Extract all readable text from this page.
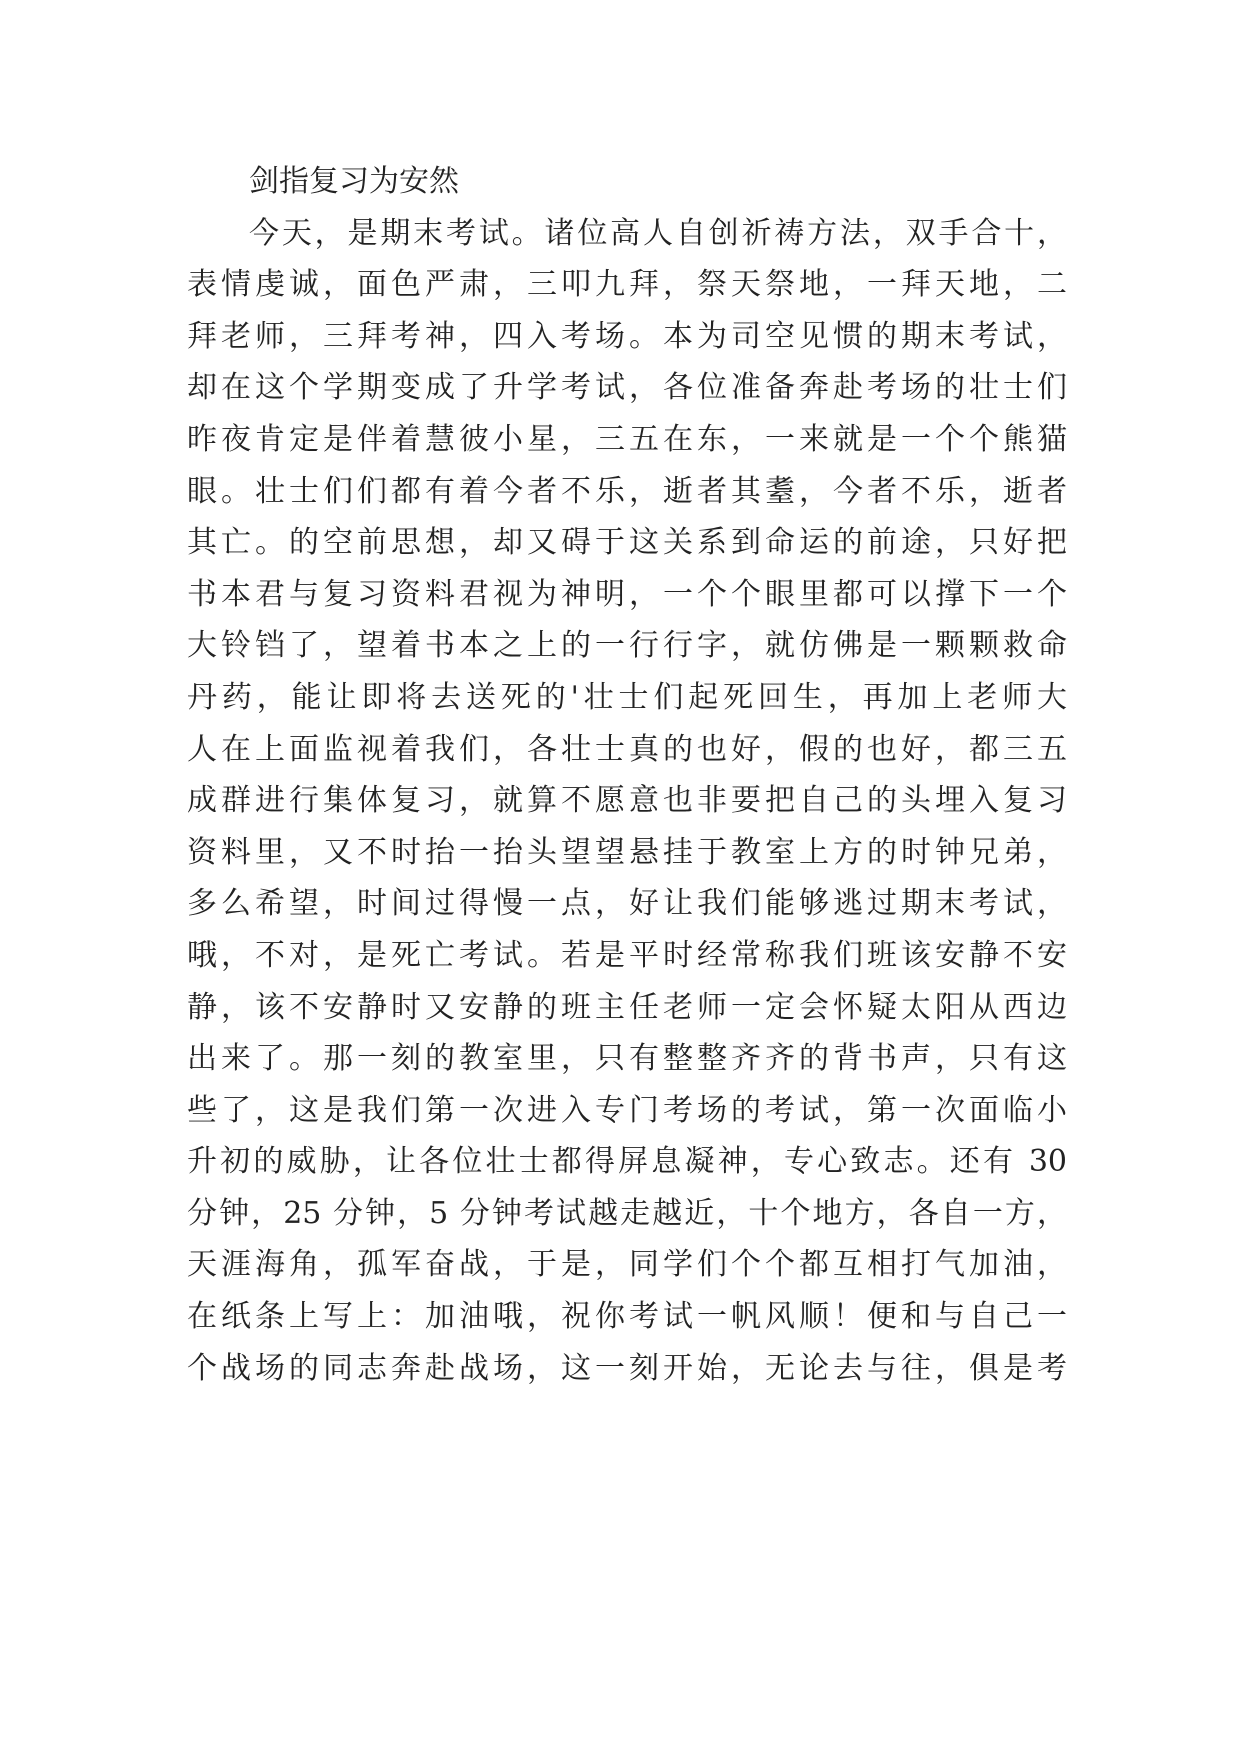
剑指复习为安然
今天，是期末考试。诸位高人自创祈祷方法，双手合十，
表情虔诚，面色严肃，三叩九拜，祭天祭地，一拜天地，二
拜老师，三拜考神，四入考场。本为司空见惯的期末考试，
却在这个学期变成了升学考试，各位准备奔赴考场的壮士们
昨夜肯定是伴着慧彼小星，三五在东，一来就是一个个熊猫
眼。壮士们们都有着今者不乐，逝者其耋，今者不乐，逝者
其亡。的空前思想，却又碍于这关系到命运的前途，只好把
书本君与复习资料君视为神明，一个个眼里都可以撑下一个
大铃铛了，望着书本之上的一行行字，就仿佛是一颗颗救命
丹药，能让即将去送死的'壮士们起死回生，再加上老师大
人在上面监视着我们，各壮士真的也好，假的也好，都三五
成群进行集体复习，就算不愿意也非要把自己的头埋入复习
资料里，又不时抬一抬头望望悬挂于教室上方的时钟兄弟，
多么希望，时间过得慢一点，好让我们能够逃过期末考试，
哦，不对，是死亡考试。若是平时经常称我们班该安静不安
静，该不安静时又安静的班主任老师一定会怀疑太阳从西边
出来了。那一刻的教室里，只有整整齐齐的背书声，只有这
些了，这是我们第一次进入专门考场的考试，第一次面临小
升初的威胁，让各位壮士都得屏息凝神，专心致志。还有 30
分钟，25 分钟，5 分钟考试越走越近，十个地方，各自一方，
天涯海角，孤军奋战，于是，同学们个个都互相打气加油，
在纸条上写上：加油哦，祝你考试一帆风顺！便和与自己一
个战场的同志奔赴战场，这一刻开始，无论去与往，俱是考
